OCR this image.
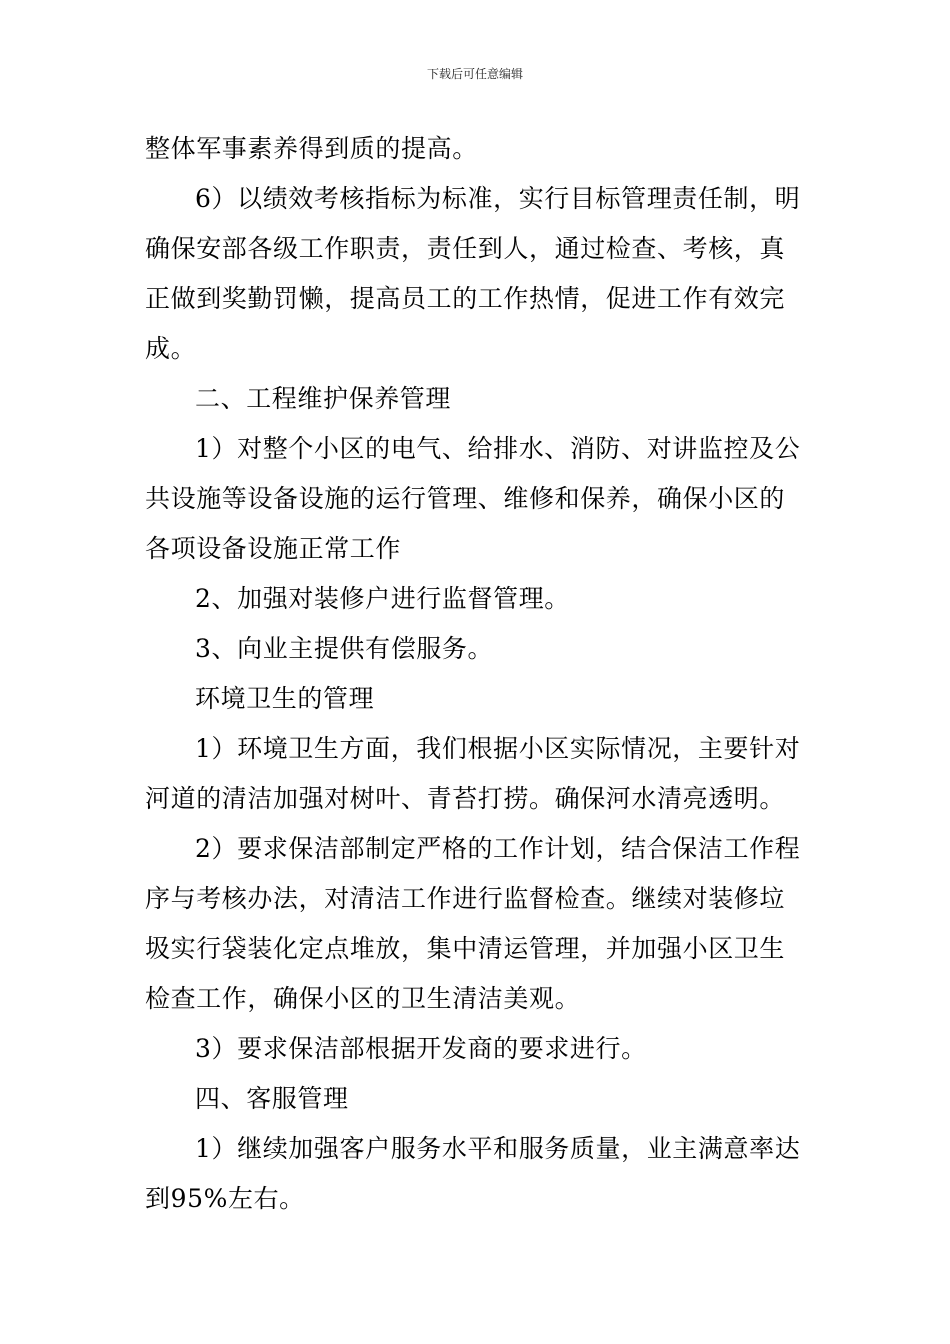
下载后可任意编辑
整体军事素养得到质的提高。
6）以绩效考核指标为标准，实行目标管理责任制，明
确保安部各级工作职责，责任到人，通过检查、考核，真
正做到奖勤罚懒，提高员工的工作热情，促进工作有效完
成。
二、工程维护保养管理
1）对整个小区的电气、给排水、消防、对讲监控及公
共设施等设备设施的运行管理、维修和保养，确保小区的
各项设备设施正常工作
2、加强对装修户进行监督管理。
3、向业主提供有偿服务。
环境卫生的管理
1）环境卫生方面，我们根据小区实际情况，主要针对
河道的清洁加强对树叶、青苔打捞。确保河水清亮透明。
2）要求保洁部制定严格的工作计划，结合保洁工作程
序与考核办法，对清洁工作进行监督检查。继续对装修垃
圾实行袋装化定点堆放，集中清运管理，并加强小区卫生
检查工作，确保小区的卫生清洁美观。
3）要求保洁部根据开发商的要求进行。
四、客服管理
1）继续加强客户服务水平和服务质量，业主满意率达
到95%左右。
